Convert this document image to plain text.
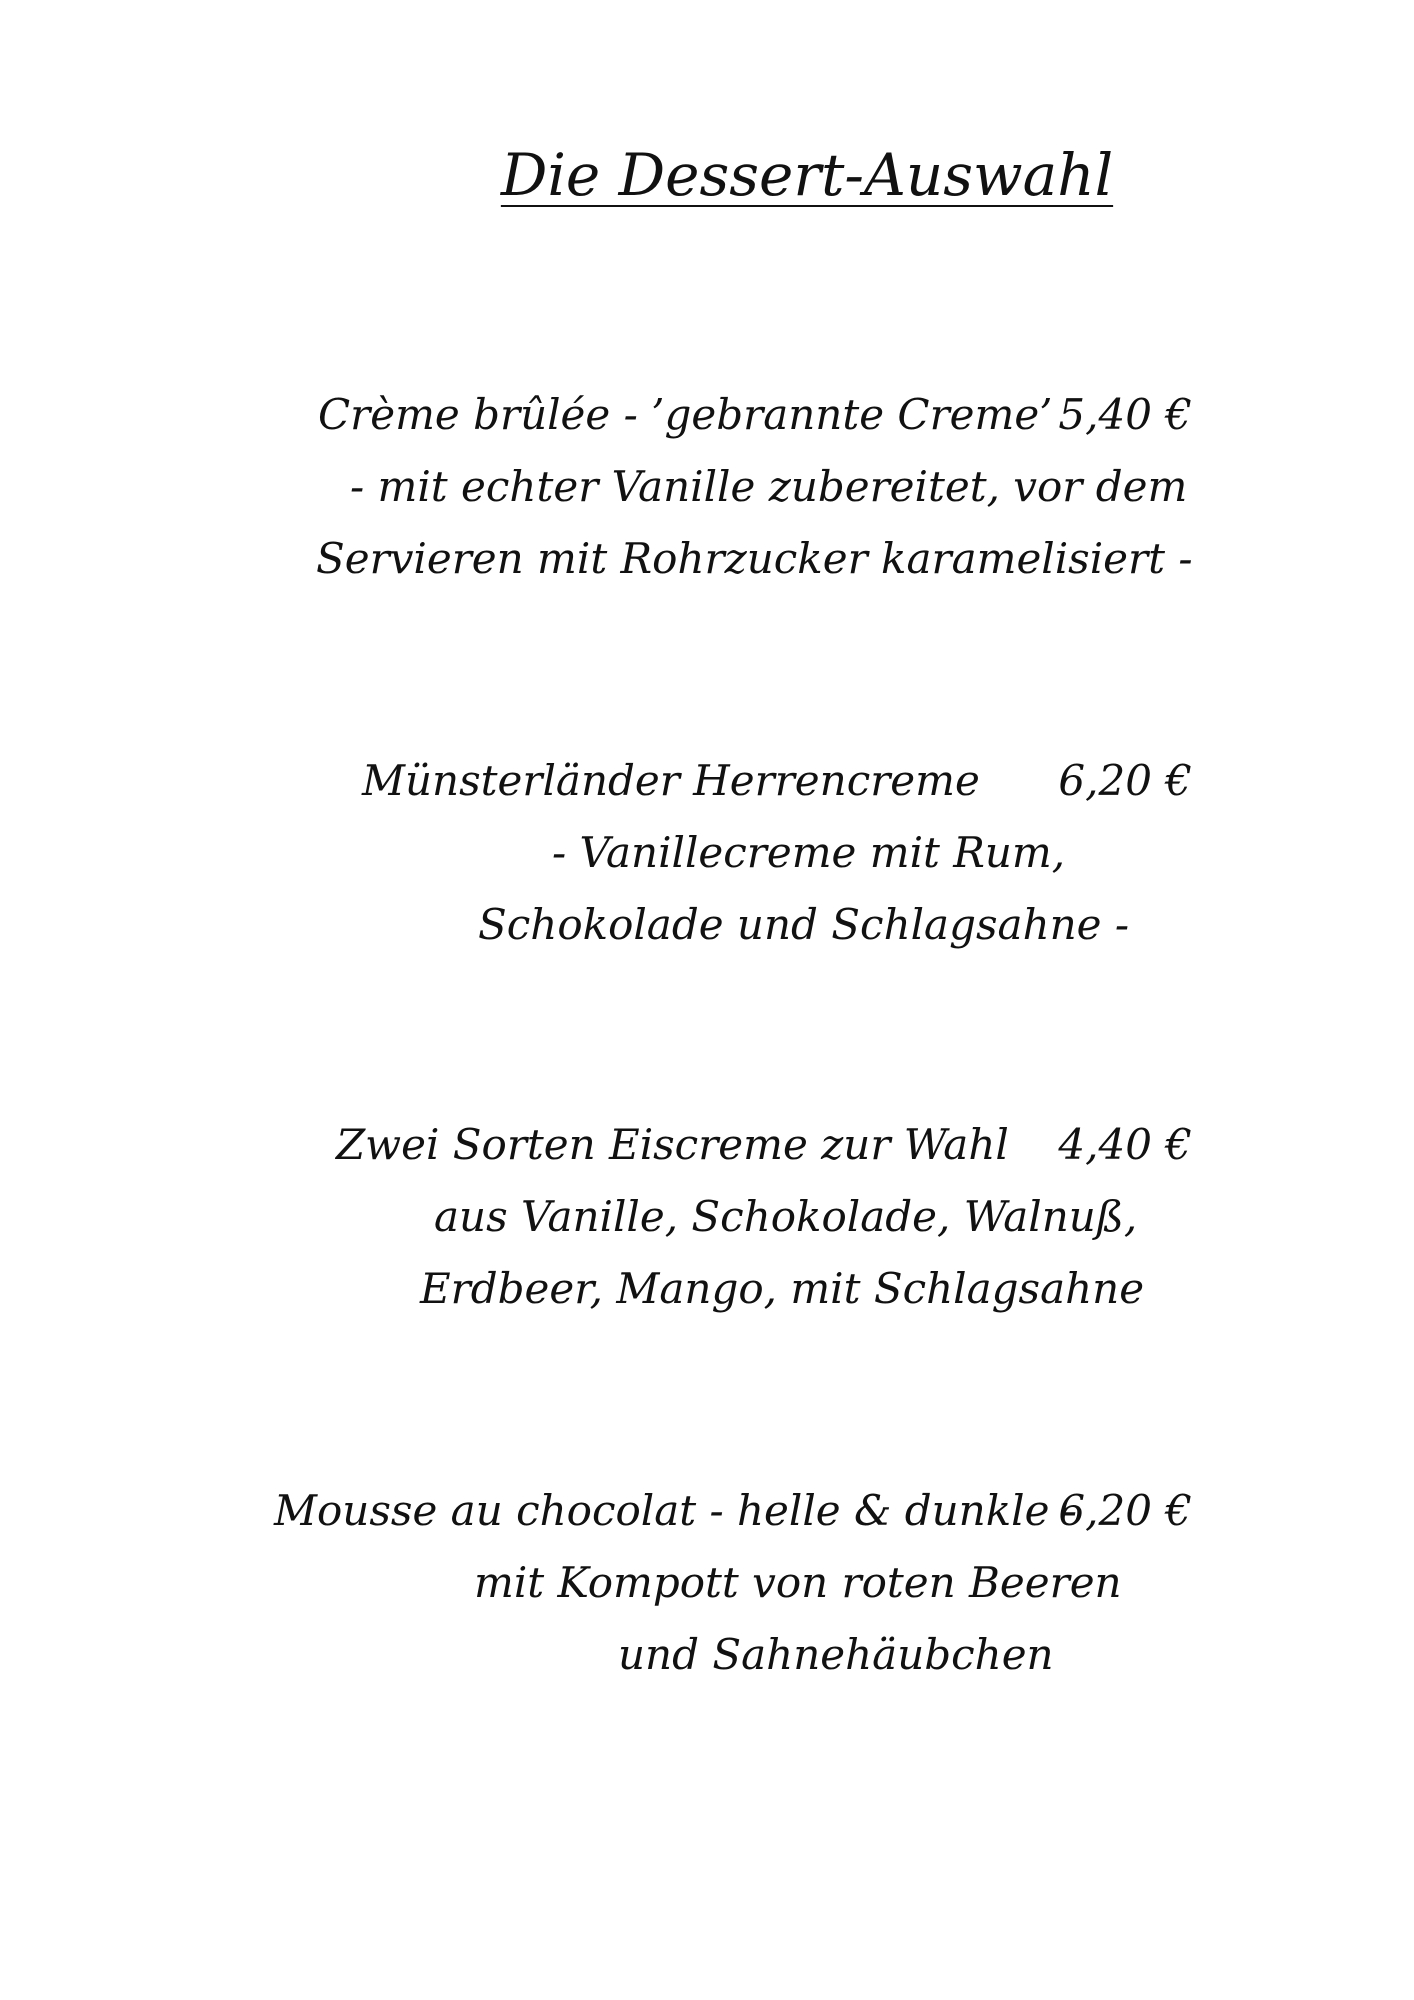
Die Dessert-Auswahl
Crème brûlée - ’gebrannte Creme’ 5,40 €
- mit echter Vanille zubereitet, vor dem
Servieren mit Rohrzucker karamelisiert -
Münsterländer Herrencreme 6,20 €
- Vanillecreme mit Rum,
Schokolade und Schlagsahne -
Zwei Sorten Eiscreme zur Wahl 4,40 €
aus Vanille, Schokolade, Walnuß,
Erdbeer, Mango, mit Schlagsahne
Mousse au chocolat - helle & dunkle -
6,20 €
mit Kompott von roten Beeren
und Sahnehäubchen
